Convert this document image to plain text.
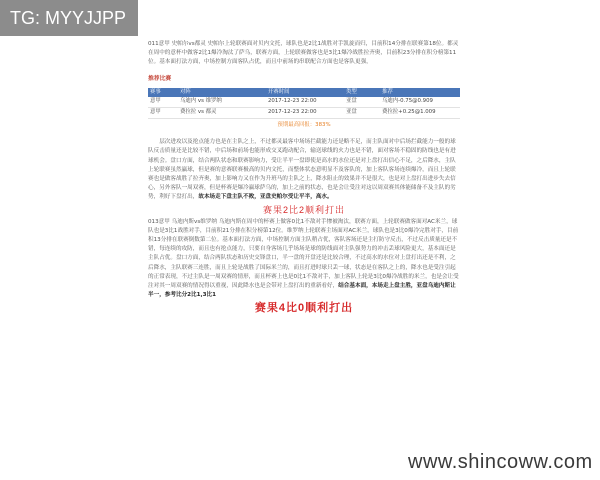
TG: MYYJJPP

011意甲 史帕尔vs都灵 史帕尔上轮联赛面对贝内文托，球队也是2比1战胜对手凯旋而归，目前积14分排在联赛第18位。都灵在周中的意杯中做客2比1爆冷淘汰了萨乌，联赛方面，上轮联赛做客也是3比1爆冷战胜拉齐奥，目前积23分排在积分榜第11位。基本面打法方面，中场控制方面客队占优，而且中前场的串联配合方面也是客队更强，

推荐比赛
赛事	对阵	开赛时间	类型	推荐
意甲	乌迪内 vs 维罗纳	2017-12-23 22:00	亚盘	乌迪内-0.75@0.909
意甲	费拉拉 vs 都灵	2017-12-23 22:00	亚盘	费拉拉+0.25@1.009
预期最高回报：383%

层次进攻以及抢点能力也是在主队之上，不过都灵最客中场场拦截能力还是略不足，而主队面对中后场拦截能力一般的球队反击质量还是比较不错，中后场和前场也能形成交叉跑动配合，输送球线的火力也是不错，面对客场不稳固的防线也是有进球机会。盘口方面，结合两队状态和联赛影响力，受让半平一盘即使是高水的水位还是对上盘打出信心不足，之后降水，主队上轮联赛虽然赢球，但是赛的意赛联赛极高的贝内文托，而整体状态意明显不及客队的，加上客队客场连续爆冷，而且上轮联赛也是做客战胜了拉齐奥，加上影响力又在作为升班马的主队之上，降水阻止的效果并不是很大，也是对上盘打出进步失去信心，另外客队一周双赛，但是杯赛是爆冷赢球萨乌的，加上之前的状态，也是会让受注对这以周双赛其体能储备不及主队的劣势，利好下盘打出，故本场走下盘主队不败，亚盘史帕尔受让平半，高水。

赛果2比2顺利打出

013意甲 乌迪内斯vs维罗纳 乌迪内斯在周中的杯赛上做客0比1不敌对手惨被淘汰，联赛方面，上轮联赛做客面对AC米兰，球队也是3比1战胜对手，目前积21分排在积分榜第12位。维罗纳上轮联赛主场面对AC米兰，球队也是3比0爆冷完胜对手，目前积13分排在联赛倒数第二位。基本面打法方面，中场控制方面主队稍占优，客队客场还是主打防守反击，不过反击质量还是不错，每连续的攻防，而且也有抢点能力，只要自身客场几乎场场是球的防线面对主队强势力的冲击丢球风险更大，基本面还是主队占优。盘口方面，结合两队状态和历史交锋盘口，半一盘的开盘还是比较合理，不过高水的水位对上盘打出还是不利，之后降水，主队联赛三连胜，而且上轮是战胜了国际米兰的，而且打进时球只丢一球，状态是在客队之上的，降水也是受注引起的正常表现，不过主队是一周双赛的情形，而且杯赛上也是0比1不敌对手，加上客队上轮是3比0爆冷战胜的米兰，也是会让受注对其一周双赛的情况得以重视，因此降水也是会带对上盘打出的重新看好，结合基本面，本场走上盘主胜，亚盘乌迪内斯让半一，参考比分2比1,3比1

赛果4比0顺利打出

www.shincoww.com
